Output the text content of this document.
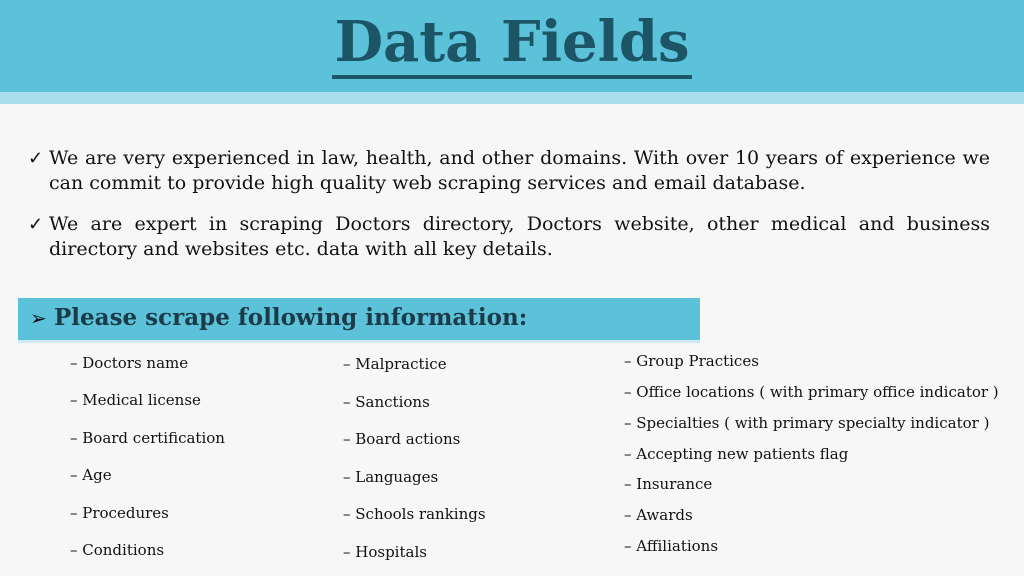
Data Fields
✓ We are very experienced in law, health, and other domains. With over 10 years of experience we can commit to provide high quality web scraping services and email database.
✓ We are expert in scraping Doctors directory, Doctors website, other medical and business directory and websites etc. data with all key details.
➢ Please scrape following information:
– Doctors name
– Medical license
– Board certification
– Age
– Procedures
– Conditions
– Malpractice
– Sanctions
– Board actions
– Languages
– Schools rankings
– Hospitals
– Group Practices
– Office locations ( with primary office indicator )
– Specialties ( with primary specialty indicator )
– Accepting new patients flag
– Insurance
– Awards
– Affiliations
